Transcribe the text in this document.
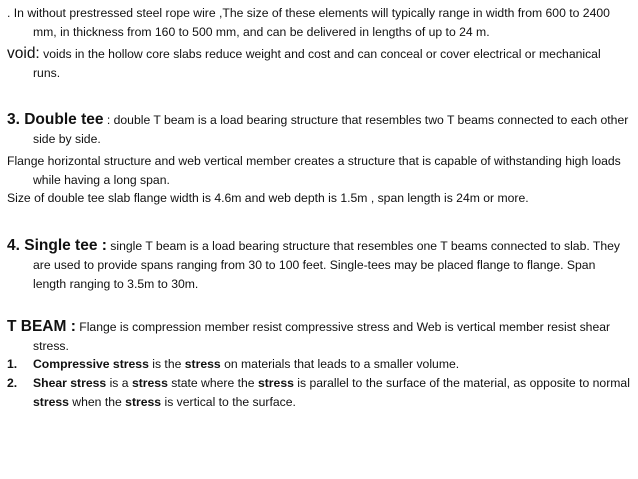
. In without prestressed steel rope wire ,The size of these elements will typically range in width from 600 to 2400 mm, in thickness from 160 to 500 mm, and can be delivered in lengths of up to 24 m.
void: voids in the hollow core slabs reduce weight and cost and can conceal or cover electrical or mechanical runs.
3. Double tee : double T beam is a load bearing structure that resembles two T beams connected to each other side by side.
Flange horizontal structure and web vertical member creates a structure that is capable of withstanding high loads while having a long span.
Size of double tee slab flange width is 4.6m and web depth is 1.5m , span length is 24m or more.
4. Single tee : single T beam is a load bearing structure that resembles one T beams connected to slab. They are used to provide spans ranging from 30 to 100 feet. Single-tees may be placed flange to flange. Span length ranging to 3.5m to 30m.
T BEAM : Flange is compression member resist compressive stress and Web is vertical member resist shear stress.
1.	Compressive stress is the stress on materials that leads to a smaller volume.
2.	Shear stress is a stress state where the stress is parallel to the surface of the material, as opposite to normal stress when the stress is vertical to the surface.
